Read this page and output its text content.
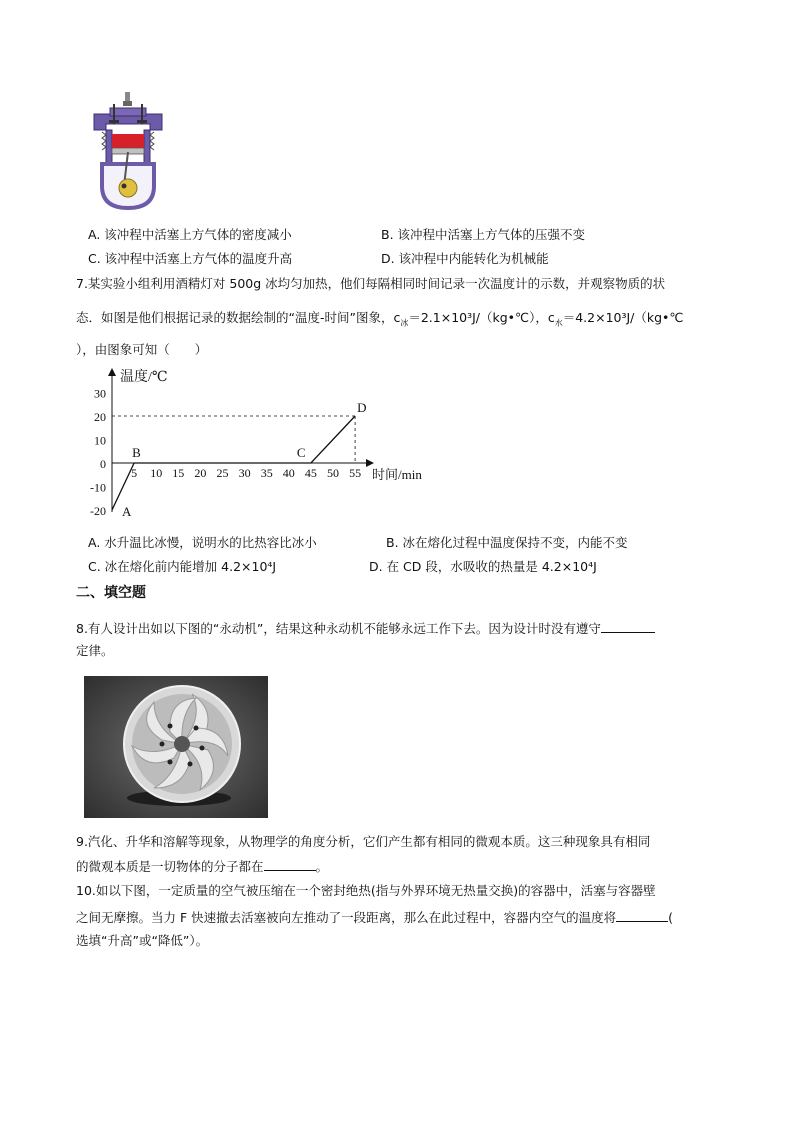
A. 该冲程中活塞上方气体的密度减小	B. 该冲程中活塞上方气体的压强不变
C. 该冲程中活塞上方气体的温度升高	D. 该冲程中内能转化为机械能
7.某实验小组利用酒精灯对 500g 冰均匀加热，他们每隔相同时间记录一次温度计的示数，并观察物质的状
态．如图是他们根据记录的数据绘制的“温度-时间”图象，$c_冰=2.1\times 10^3J/(kg•℃)$，$c_水=4.2\times 10^3J/(kg•℃$
），由图象可知（　　）
温度/℃
时间/min
30
20
10
0
-10
-20
5 10 15 20 25 30 35 40 45 50 55
A
B	C
D
A. 水升温比冰慢，说明水的比热容比冰小	B. 冰在熔化过程中温度保持不变，内能不变
C. 冰在熔化前内能增加 4.2×10⁴J	D. 在 CD 段，水吸收的热量是 4.2×10⁴J
二、填空题
8.有人设计出如以下图的“永动机”，结果这种永动机不能够永远工作下去。因为设计时没有遵守
定律。
9.汽化、升华和溶解等现象，从物理学的角度分析，它们产生都有相同的微观本质。这三种现象具有相同
的微观本质是一切物体的分子都在	。
10.如以下图，一定质量的空气被压缩在一个密封绝热(指与外界环境无热量交换)的容器中，活塞与容器壁
之间无摩擦。当力 F 快速撤去活塞被向左推动了一段距离，那么在此过程中，容器内空气的温度将	(
选填“升高”或“降低”）。
